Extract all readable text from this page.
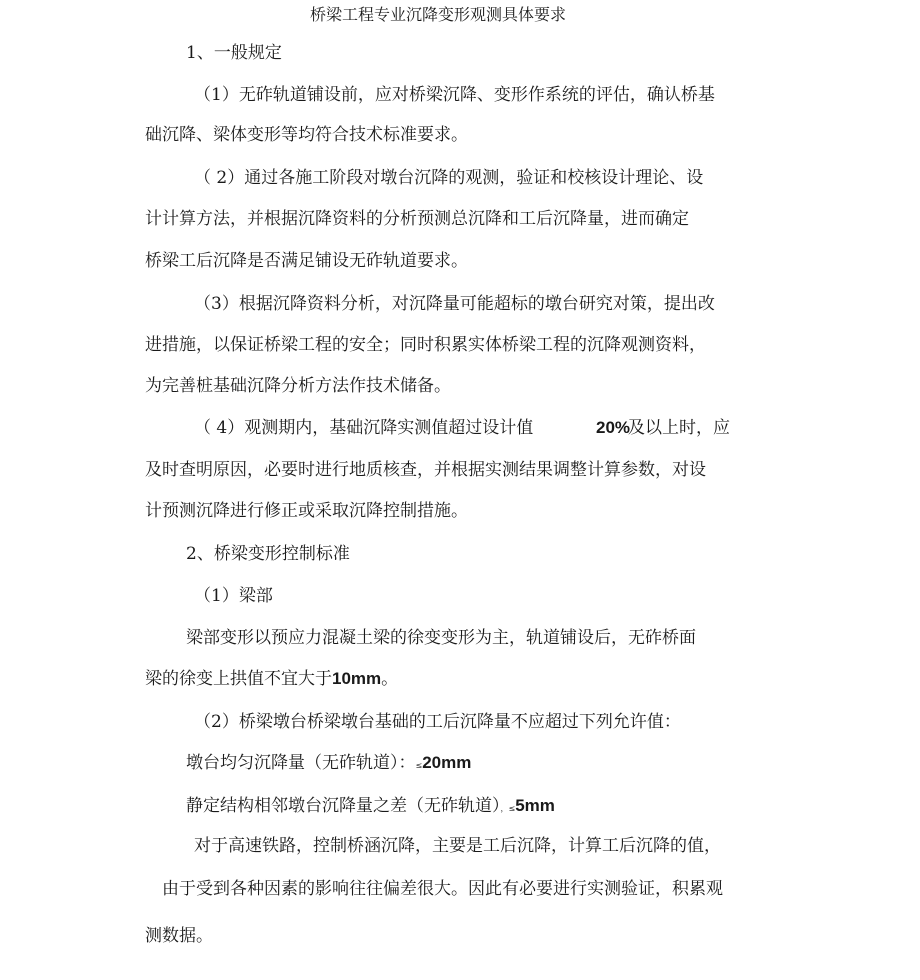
桥梁工程专业沉降变形观测具体要求
1、一般规定
（1）无砟轨道铺设前，应对桥梁沉降、变形作系统的评估，确认桥基
础沉降、梁体变形等均符合技术标准要求。
（ 2）通过各施工阶段对墩台沉降的观测，验证和校核设计理论、设
计计算方法，并根据沉降资料的分析预测总沉降和工后沉降量，进而确定
桥梁工后沉降是否满足铺设无砟轨道要求。
（3）根据沉降资料分析，对沉降量可能超标的墩台研究对策，提出改
进措施，以保证桥梁工程的安全；同时积累实体桥梁工程的沉降观测资料，
为完善桩基础沉降分析方法作技术储备。
（ 4）观测期内，基础沉降实测值超过设计值	20%
及以上时，应
及时查明原因，必要时进行地质核查，并根据实测结果调整计算参数，对设
计预测沉降进行修正或采取沉降控制措施。
2、桥梁变形控制标准
（1）梁部
梁部变形以预应力混凝土梁的徐变变形为主，轨道铺设后，无砟桥面
梁的徐变上拱值不宜大于10mm。
（2）桥梁墩台桥梁墩台基础的工后沉降量不应超过下列允许值：
墩台均匀沉降量（无砟轨道）：≤20mm
静定结构相邻墩台沉降量之差（无砟轨道），≤5mm
对于高速铁路，控制桥涵沉降，主要是工后沉降，计算工后沉降的值，
由于受到各种因素的影响往往偏差很大。因此有必要进行实测验证，积累观
测数据。
